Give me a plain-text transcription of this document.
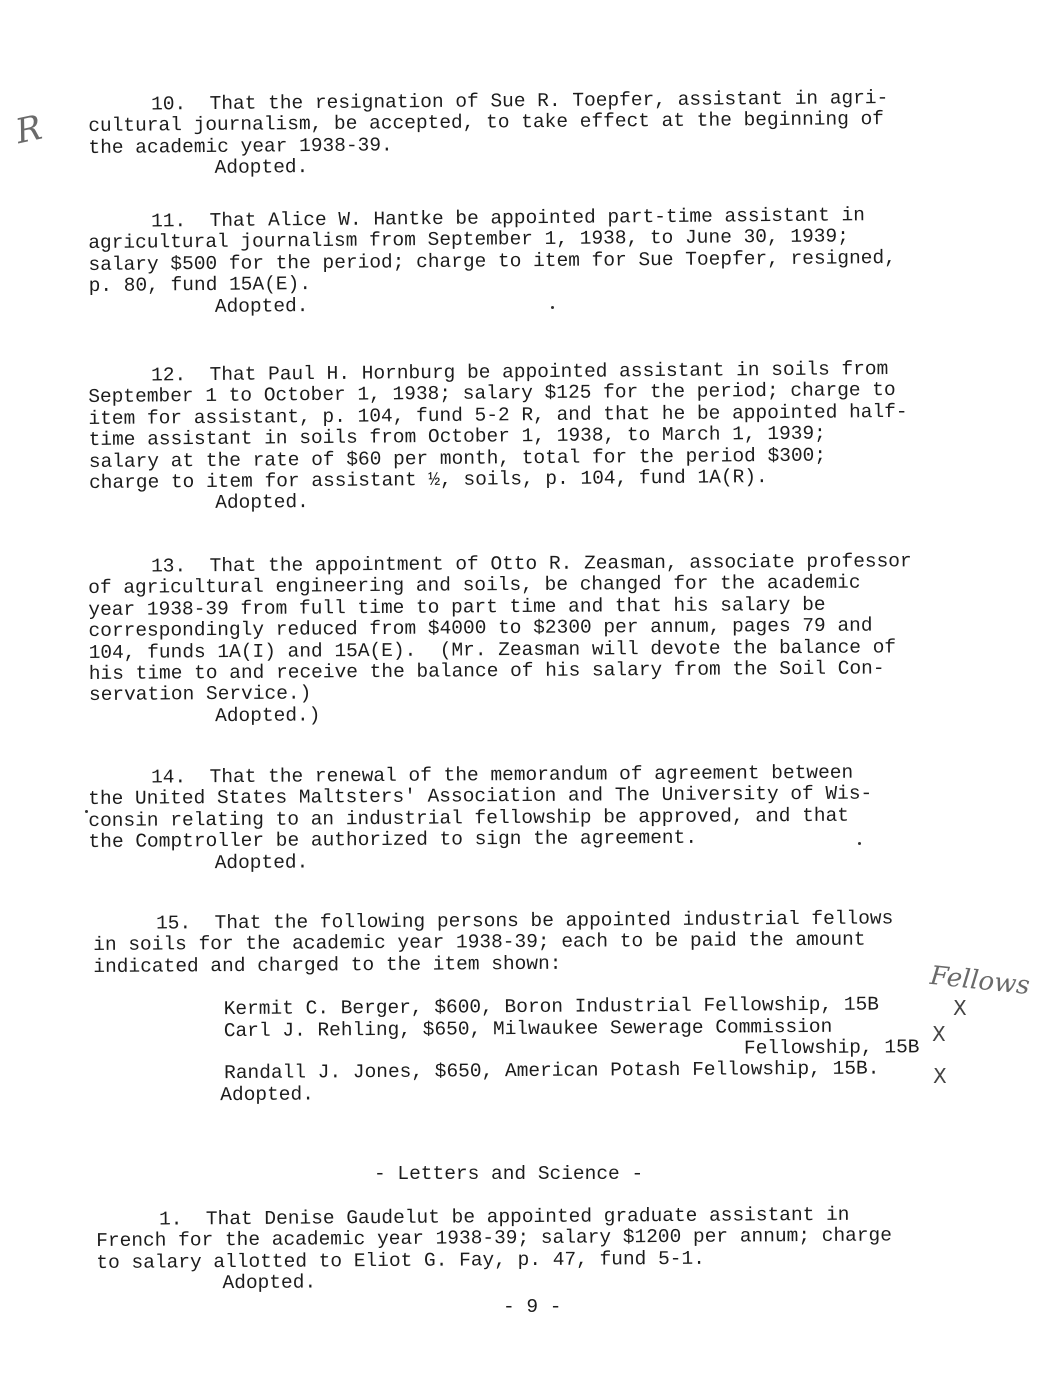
10.  That the resignation of Sue R. Toepfer, assistant in agri-

cultural journalism, be accepted, to take effect at the beginning of

the academic year 1938-39.

Adopted.

11.  That Alice W. Hantke be appointed part-time assistant in

agricultural journalism from September 1, 1938, to June 30, 1939;

salary $500 for the period; charge to item for Sue Toepfer, resigned,

p. 80, fund 15A(E).

Adopted.

12.  That Paul H. Hornburg be appointed assistant in soils from

September 1 to October 1, 1938; salary $125 for the period; charge to

item for assistant, p. 104, fund 5-2 R, and that he be appointed half-

time assistant in soils from October 1, 1938, to March 1, 1939;

salary at the rate of $60 per month, total for the period $300;

charge to item for assistant ½, soils, p. 104, fund 1A(R).

Adopted.

13.  That the appointment of Otto R. Zeasman, associate professor

of agricultural engineering and soils, be changed for the academic

year 1938-39 from full time to part time and that his salary be

correspondingly reduced from $4000 to $2300 per annum, pages 79 and

104, funds 1A(I) and 15A(E).  (Mr. Zeasman will devote the balance of

his time to and receive the balance of his salary from the Soil Con-

servation Service.)

Adopted.)

14.  That the renewal of the memorandum of agreement between

the United States Maltsters' Association and The University of Wis-

consin relating to an industrial fellowship be approved, and that

the Comptroller be authorized to sign the agreement.

Adopted.

15.  That the following persons be appointed industrial fellows

in soils for the academic year 1938-39; each to be paid the amount

indicated and charged to the item shown:

Kermit C. Berger, $600, Boron Industrial Fellowship, 15B

Carl J. Rehling, $650, Milwaukee Sewerage Commission

Fellowship, 15B

Randall J. Jones, $650, American Potash Fellowship, 15B.

Adopted.

- Letters and Science -

1.  That Denise Gaudelut be appointed graduate assistant in

French for the academic year 1938-39; salary $1200 per annum; charge

to salary allotted to Eliot G. Fay, p. 47, fund 5-1.

Adopted.

- 9 -
R
Fellows
X
X
X
